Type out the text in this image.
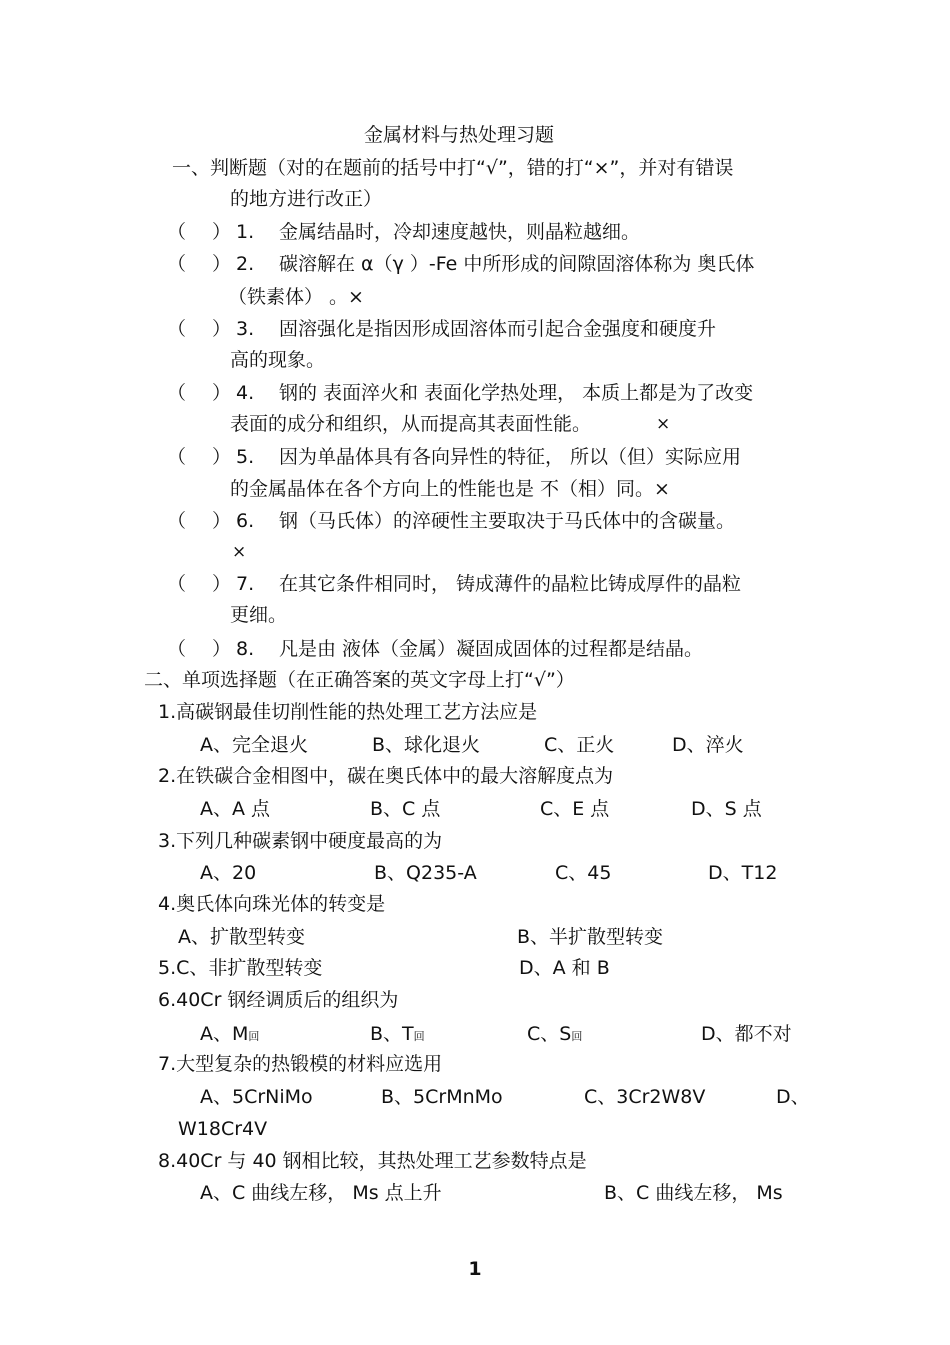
金属材料与热处理习题
一、判断题（对的在题前的括号中打“√”，错的打“×”，并对有错误
的地方进行改正）
（ ） 1. 金属结晶时，冷却速度越快，则晶粒越细。
（ ） 2. 碳溶解在 α（γ ）-Fe 中所形成的间隙固溶体称为 奥氏体
（铁素体） 。×
（ ） 3. 固溶强化是指因形成固溶体而引起合金强度和硬度升
高的现象。
（ ） 4. 钢的 表面淬火和 表面化学热处理， 本质上都是为了改变
表面的成分和组织，从而提高其表面性能。	×
（ ） 5. 因为单晶体具有各向异性的特征， 所以（但）实际应用
的金属晶体在各个方向上的性能也是 不（相）同。×
（ ） 6. 钢（马氏体）的淬硬性主要取决于马氏体中的含碳量。
×
（ ） 7. 在其它条件相同时， 铸成薄件的晶粒比铸成厚件的晶粒
更细。
（ ） 8. 凡是由 液体（金属）凝固成固体的过程都是结晶。
二、单项选择题（在正确答案的英文字母上打“√”）
1.高碳钢最佳切削性能的热处理工艺方法应是
A、完全退火	B、球化退火	C、正火	D、淬火
2.在铁碳合金相图中，碳在奥氏体中的最大溶解度点为
A、A 点	B、C 点	C、E 点	D、S 点
3.下列几种碳素钢中硬度最高的为
A、20	B、Q235-A	C、45	D、T12
4.奥氏体向珠光体的转变是
A、扩散型转变	B、半扩散型转变
5.C、非扩散型转变	D、A 和 B
6.40Cr 钢经调质后的组织为
A、M回	B、T回	C、S回	D、都不对
7.大型复杂的热锻模的材料应选用
A、5CrNiMo	B、5CrMnMo	C、3Cr2W8V	D、
W18Cr4V
8.40Cr 与 40 钢相比较，其热处理工艺参数特点是
A、C 曲线左移， Ms 点上升	B、C 曲线左移， Ms
1
